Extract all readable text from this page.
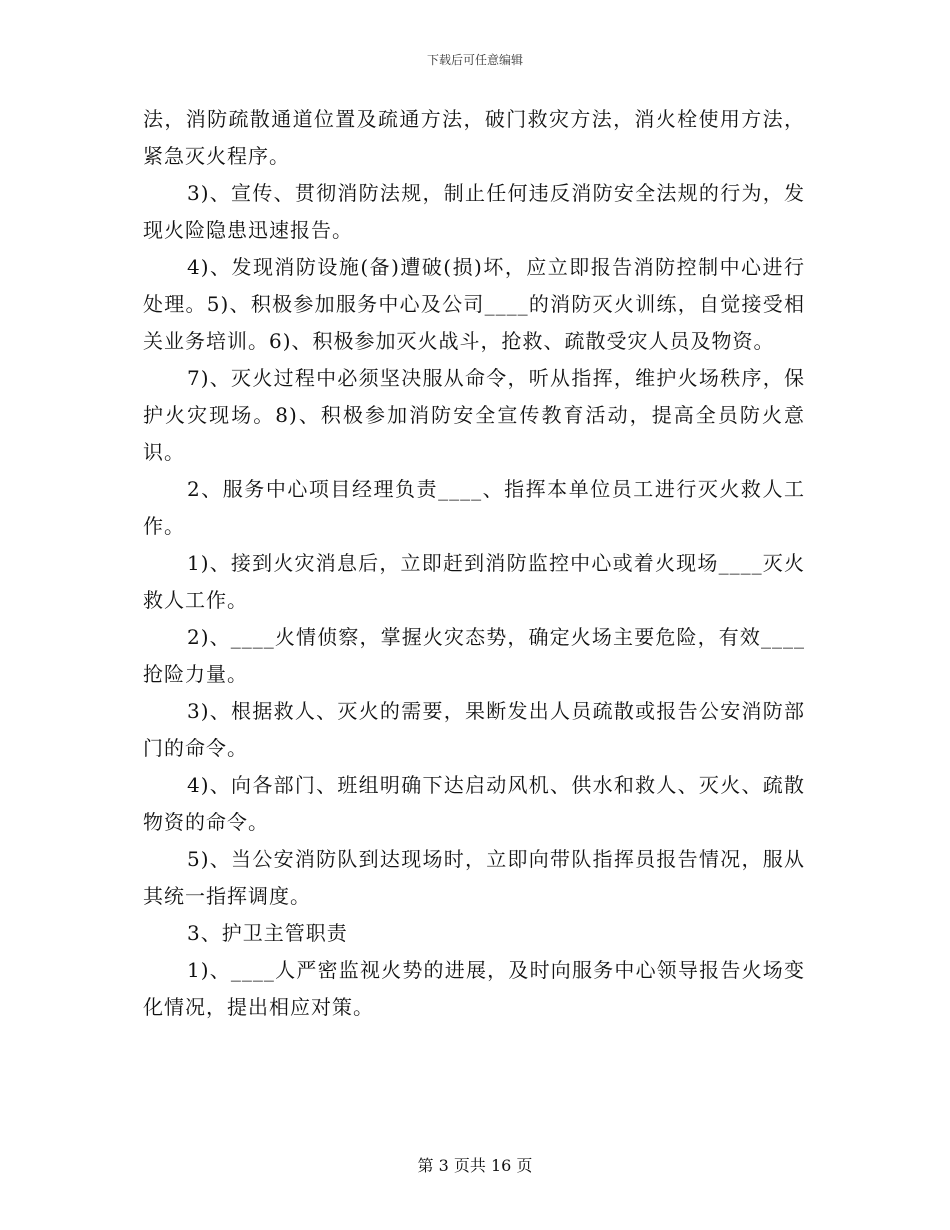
下载后可任意编辑

法，消防疏散通道位置及疏通方法，破门救灾方法，消火栓使用方法，紧急灭火程序。

3)、宣传、贯彻消防法规，制止任何违反消防安全法规的行为，发现火险隐患迅速报告。

4)、发现消防设施(备)遭破(损)坏，应立即报告消防控制中心进行处理。5)、积极参加服务中心及公司____的消防灭火训练，自觉接受相关业务培训。6)、积极参加灭火战斗，抢救、疏散受灾人员及物资。

7)、灭火过程中必须坚决服从命令，听从指挥，维护火场秩序，保护火灾现场。8)、积极参加消防安全宣传教育活动，提高全员防火意识。

2、服务中心项目经理负责____、指挥本单位员工进行灭火救人工作。

1)、接到火灾消息后，立即赶到消防监控中心或着火现场____灭火救人工作。

2)、____火情侦察，掌握火灾态势，确定火场主要危险，有效____抢险力量。

3)、根据救人、灭火的需要，果断发出人员疏散或报告公安消防部门的命令。

4)、向各部门、班组明确下达启动风机、供水和救人、灭火、疏散物资的命令。

5)、当公安消防队到达现场时，立即向带队指挥员报告情况，服从其统一指挥调度。

3、护卫主管职责

1)、____人严密监视火势的进展，及时向服务中心领导报告火场变化情况，提出相应对策。

第 3 页共 16 页
